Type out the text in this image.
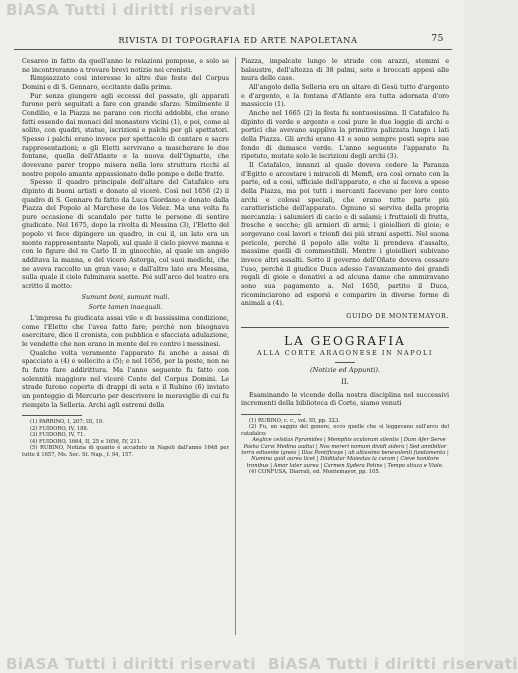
BiASA Tutti i diritti riservati
RIVISTA DI TOPOGRAFIA ED ARTE NAPOLETANA	75

Cesareo in fatto da quell'anno le relazioni pompose, e solo se ne incontreranno a trovare brevi notizie nei cronisti.

Rimpiazzato così interesse lo altre due feste del Corpus Domini e di S. Gennaro, eccitante dalla prima.

Pur senza giungere agli eccessi del passato, gli apparati furono però seguitati a fare con grande sfarzo. Similmente il Condilio, e la Piazza ne parano con ricchi addobbi, che erano fatti essendo dai monaci del monastero vicini (1), e poi, come al solito, con quadri, statue, iscrizioni e palchi per gli spettatori. Spesso i palchi erano invece per spettacolo di cantare e sacre rappresentazioni; e gli Eletti servivano a mascherare le due fontane, quella dell'Atlante e la nuova dell'Ognatte, che dovevano parer troppo misera nella loro struttura ricchi al nostro popolo amante appassionato delle pompe e delle fratte.

Spesso il quadro principale dell'altare del Catafalco era dipinto di buoni artisti e donato al vicerè. Così nel 1656 (2) il quadro di S. Gennaro fu fatto da Luca Giordano e donato dalla Piazza del Popolo al Marchese de los Velez. Ma una volta fu pure occasione di scandalo per tutte le persone di sentire giudicate. Nel 1675, dopo la rivolta di Messina (3), l'Eletto del popolo vi fece dipingere un quadro, in cui il, un lato era un monte rappresentante Napoli, sul quale il cielo piovve manna e con le figure del re Carlo II in ginocchio, al quale un angelo additava la manna, e del vicerè Astorga, col suoi medichi, che ne aveva raccolto un gran vaso; e dall'altro lato era Messina, sulla quale il cielo fulminava saette. Poi sull'arco del teatro era scritto il motto:

Sumunt boni, sumunt mali.

Sorte tamen inaequali.

L'impresa fu giudicata assai vile e di bassissima condizione, come l'Eletto che l'avea fatto fare; perchè non bisognava esercitare, dice il cronista, con pubblica e sfacciata adulazione, le vendette che non erano in mente del re contro i messinesi.

Qualche volta veramente l'apparato fu anche a assai di spacciato a (4) e sollecito a (5); e nel 1656, per la peste, non ne fu fatto fare addirittura. Ma l'anno seguente fu fatto con solennità maggiore nel vicerè Conte del Corpus Domini. Le strade furono coperte di drappi di seta e il Rubino (6) inviato un ponteggio di Mercurio per descrivere le meraviglie di cui fu riempito la Selleria. Archi agli estremi della

(1) PARRINO, I, 207; III, 19.

(2) FUIDORO, IV, 188.

(3) FUIDORO, IV, 71.

(4) FUIDORO, 1664, II, 25 e 1656, IV, 211.

(5) RUBINO, Notizia di quanto è accaduto in Napoli dall'anno 1648 per tutto il 1657, Ms. Soc. St. Nap., f. 94, 157.

Piazza, impalcate lungo le strade con arazzi, stemmi e balaustre, dell'altezza di 38 palmi, sete e broccati appesi alle mura delle case.

All'angolo della Selleria era un altare di Gesù tutto d'argento e d'argento, e la fontana d'Atlante era tutta adornata d'oro massiccio (1).

Anche nel 1665 (2) la festa fu sontuosissima. Il Catafalco fu dipinto di verde e argento e così pure le due loggie di archi e portici che avevano suppliva la primitiva palizzata lungo i lati della Piazza. Gli archi erano 41 e sono sempre posti sopra sue fondo di damasco verde. L'anno seguente l'apparato fu ripetuto, mutate solo le iscrizioni degli archi (3).

Il Catafalco, innanzi al quale doveva cedere la Paranza d'Egitto e arcostare i miracoli di Memfi, era così ornato con la parte, ed a così, ufficiale dell'apparato, e che si faceva a spese della Piazza, ma poi tutti i mercanti facevano per loro conto archi e colossi speciali, che erano tutte parte più caratteristiche dell'apparato. Ognuno si serviva della propria mercanzia: i salumieri di cacio e di salami; i fruttaioli di frutta, fresche e secche; gli armieri di armi; i gioiellieri di gioie; e sorgevano così lavori e trionfi dei più strani aspetti. Nel suona pericolo, perchè il popolo alle volte li prendeva d'assalto, massime quelli di commestibili. Mentre i gioiellieri subivano invece altri assalti. Sotto il governo dell'Oñate doveva cessare l'uso, perchè il giudice Duca adesso l'avanzamento dei grandi regali di gioie e donativi a ad alcuna dame che ammiravano sono sua pagamento a. Nel 1650, partito il Duca, ricominciarono ad esporsi e comparire in diverse forme di animali a (4).

GUIDO DE MONTEMAYOR.

LA GEOGRAFIA
ALLA CORTE ARAGONESE IN NAPOLI
(Notizie ed Appunti).
II.

Esaminando le vicende della nostra disciplina nel successivi incrementi della biblioteca di Corte, siamo venuti

(1) RUBINO, c. c., vol. III, pp. 323.

(2) Fu, un saggio del genere, ecco quelle che si leggevano sull'arco del catafalco:

Aeglice celsitas Pyramides | Memphis oculorum silentis | Dum Afer Serve Pasha Carvi Medina audiui | Nos mereri nomum dividi sidera | Sed annibilior terra ediuente igneis | Illas Pontificeps | ab altissimo benevolenti fundamenta | Numina quid aurea licet | Diidilatur Maiestas la curam | Cieve honitore tronibus | Amor later aurea | Carmen Sydera Potins | Tempo stiuza e Viole.

(4) CONFUSA, Diarrali, ed. Montemayor, pp. 105.

BiASA Tutti i diritti riservati BiASA Tutti i diritti riservati
